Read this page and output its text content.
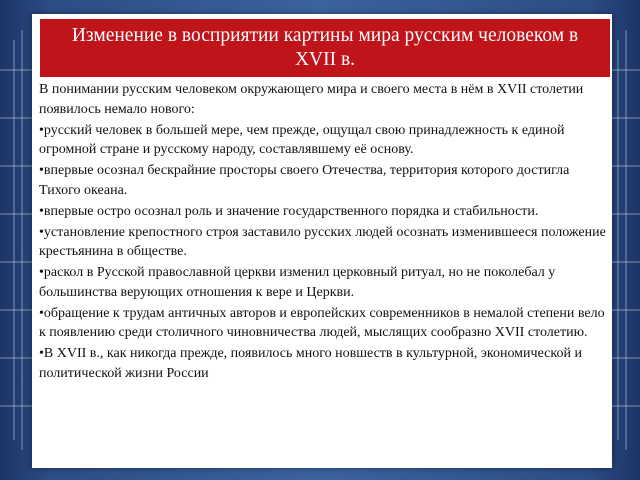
Изменение в восприятии картины мира русским человеком в XVII в.

В понимании русским человеком окружающего мира и своего места в нём в XVII столетии появилось немало нового:

•русский человек в большей мере, чем прежде, ощущал свою принадлежность к единой огромной стране и русскому народу, составлявшему её основу.

•впервые осознал бескрайние просторы своего Отечества, территория которого достигла Тихого океана.

•впервые остро осознал роль и значение государственного порядка и стабильности.

•установление крепостного строя заставило русских людей осознать изменившееся положение крестьянина в обществе.

•раскол в Русской православной церкви изменил церковный ритуал, но не поколебал у большинства верующих отношения к вере и Церкви.

•обращение к трудам античных авторов и европейских современников в немалой степени вело к появлению среди столичного чиновничества людей, мыслящих сообразно XVII столетию.

•В XVII в., как никогда прежде, появилось много новшеств в культурной, экономической и политической жизни России
